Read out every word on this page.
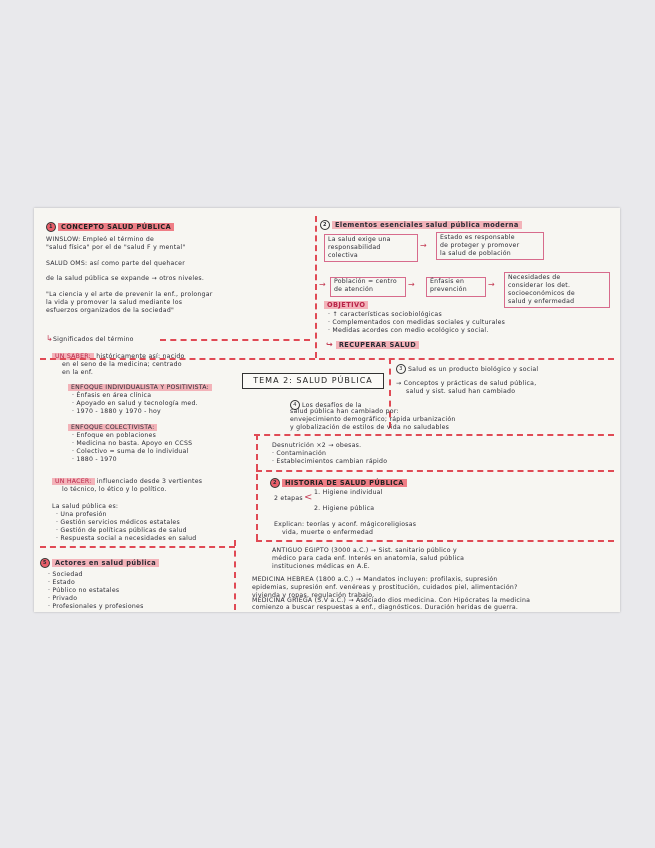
1 CONCEPTO SALUD PÚBLICA
WINSLOW: Empleó el término de
"salud física" por el de "salud F y mental"
SALUD OMS: así como parte del quehacer
de la salud pública se expande → otros niveles.
"La ciencia y el arte de prevenir la enf., prolongar
la vida y promover la salud mediante los
esfuerzos organizados de la sociedad"
↳Significados del término
UN SABER: históricamente así: nacido
en el seno de la medicina; centrado
en la enf.
ENFOQUE INDIVIDUALISTA Y POSITIVISTA:
· Énfasis en área clínica
· Apoyado en salud y tecnología med.
· 1970 - 1880 y 1970 - hoy
ENFOQUE COLECTIVISTA:
· Enfoque en poblaciones
· Medicina no basta. Apoyo en CCSS
· Colectivo = suma de lo individual
· 1880 - 1970
UN HACER: influenciado desde 3 vertientes
lo técnico, lo ético y lo político.
La salud pública es:
· Una profesión
· Gestión servicios médicos estatales
· Gestión de políticas públicas de salud
· Respuesta social a necesidades en salud
5 Actores en salud pública
· Sociedad
· Estado
· Público no estatales
· Privado
· Profesionales y profesiones
2 Elementos esenciales salud pública moderna
La salud exige una
responsabilidad
colectiva
→
Estado es responsable
de proteger y promover
la salud de población
→ Población = centro
de atención
→ Énfasis en
prevención
→
Necesidades de
considerar los det.
socioeconómicos de
salud y enfermedad
OBJETIVO
· ↑ características sociobiológicas
· Complementados con medidas sociales y culturales
· Medidas acordes con medio ecológico y social.
↪ RECUPERAR SALUD
TEMA 2: SALUD PÚBLICA
3 Salud es un producto biológico y social
→ Conceptos y prácticas de salud pública,
salud y sist. salud han cambiado
4 Los desafíos de la
salud pública han cambiado por:
envejecimiento demográfico; rápida urbanización
y globalización de estilos de vida no saludables
Desnutrición ×2 → obesas.
· Contaminación
· Establecimientos cambian rápido
2 HISTORIA DE SALUD PÚBLICA
2 etapas < 1. Higiene individual
2. Higiene pública
Explican: teorías y aconf. mágicoreligiosas
vida, muerte o enfermedad
ANTIGUO EGIPTO (3000 a.C.) → Sist. sanitario público y
médico para cada enf. Interés en anatomía, salud pública
instituciones médicas en A.E.
MEDICINA HEBREA (1800 a.C.) → Mandatos incluyen: profilaxis, supresión
epidemias, supresión enf. venéreas y prostitución, cuidados piel, alimentación?
vivienda y ropas, regulación trabajo.
MEDICINA GRIEGA (S.V a.C.) → Asociado dios medicina. Con Hipócrates la medicina
comienzo a buscar respuestas a enf., diagnósticos. Duración heridas de guerra.
